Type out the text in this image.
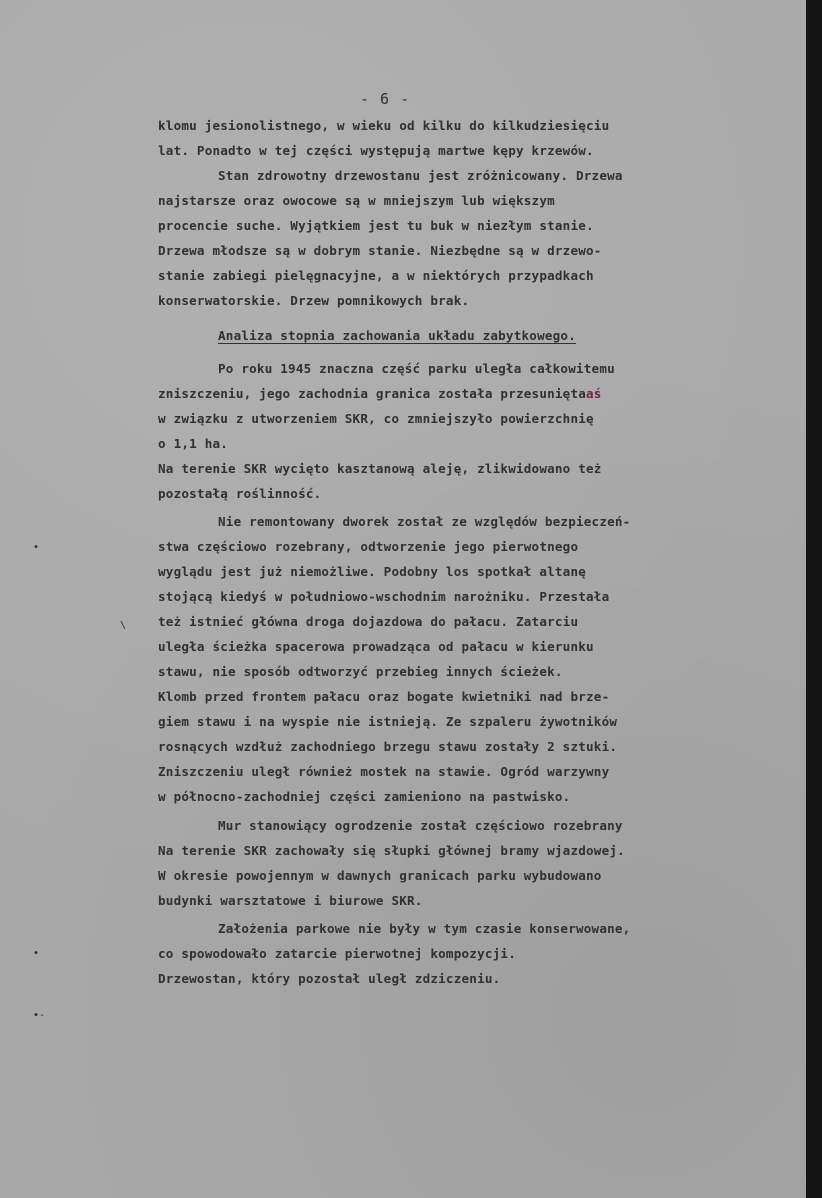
- 6 -
klomu jesionolistnego, w wieku od kilku do kilkudziesięciu
lat. Ponadto w tej części występują martwe kępy krzewów.
Stan zdrowotny drzewostanu jest zróżnicowany. Drzewa
najstarsze oraz owocowe są w mniejszym lub większym
procencie suche. Wyjątkiem jest tu buk w niezłym stanie.
Drzewa młodsze są w dobrym stanie. Niezbędne są w drzewo-
stanie zabiegi pielęgnacyjne, a w niektórych przypadkach
konserwatorskie. Drzew pomnikowych brak.
Analiza stopnia zachowania układu zabytkowego.
Po roku 1945 znaczna część parku uległa całkowitemu
zniszczeniu, jego zachodnia granica została przesuniętaaś
w związku z utworzeniem SKR, co zmniejszyło powierzchnię
o 1,1 ha.
Na terenie SKR wycięto kasztanową aleję, zlikwidowano też
pozostałą roślinność.
Nie remontowany dworek został ze względów bezpieczeń-
stwa częściowo rozebrany, odtworzenie jego pierwotnego
wyglądu jest już niemożliwe. Podobny los spotkał altanę
stojącą kiedyś w południowo-wschodnim narożniku. Przestała
też istnieć główna droga dojazdowa do pałacu. Zatarciu
uległa ścieżka spacerowa prowadząca od pałacu w kierunku
stawu, nie sposób odtworzyć przebieg innych ścieżek.
Klomb przed frontem pałacu oraz bogate kwietniki nad brze-
giem stawu i na wyspie nie istnieją. Ze szpaleru żywotników
rosnących wzdłuż zachodniego brzegu stawu zostały 2 sztuki.
Zniszczeniu uległ również mostek na stawie. Ogród warzywny
w północno-zachodniej części zamieniono na pastwisko.
Mur stanowiący ogrodzenie został częściowo rozebrany
Na terenie SKR zachowały się słupki głównej bramy wjazdowej.
W okresie powojennym w dawnych granicach parku wybudowano
budynki warsztatowe i biurowe SKR.
Założenia parkowe nie były w tym czasie konserwowane,
co spowodowało zatarcie pierwotnej kompozycji.
Drzewostan, który pozostał uległ zdziczeniu.
•
\
•
•-
